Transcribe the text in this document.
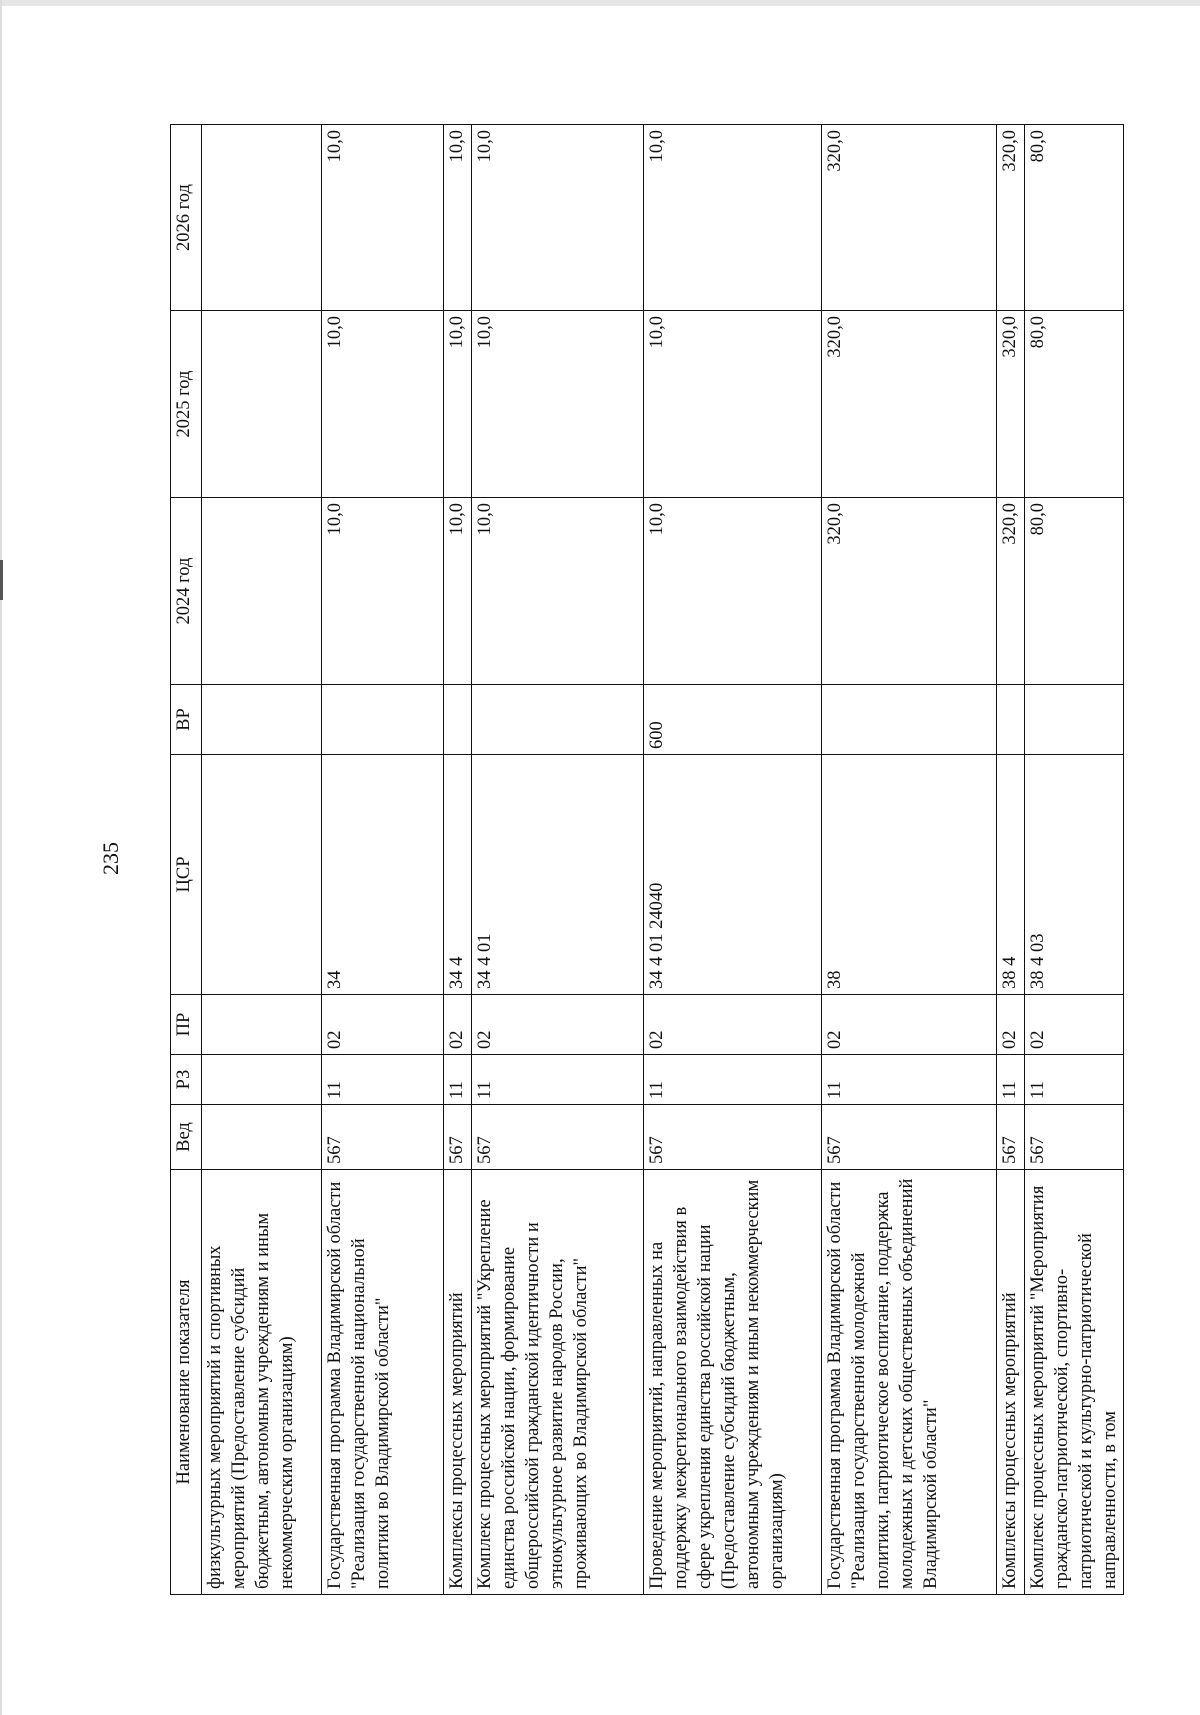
235
Наименование показателя	Вед	РЗ	ПР	ЦСР	ВР	2024 год	2025 год	2026 год
физкультурных мероприятий и спортивных мероприятий (Предоставление субсидий бюджетным, автономным учреждениям и иным некоммерческим организациям)								
Государственная программа Владимирской области "Реализация государственной национальной политики во Владимирской области"	567	11	02	34		10,0	10,0	10,0
Комплексы процессных мероприятий	567	11	02	34 4		10,0	10,0	10,0
Комплекс процессных мероприятий "Укрепление единства российской нации, формирование общероссийской гражданской идентичности и этнокультурное развитие народов России, проживающих во Владимирской области"	567	11	02	34 4 01		10,0	10,0	10,0
Проведение мероприятий, направленных на поддержку межрегионального взаимодействия в сфере укрепления единства российской нации (Предоставление субсидий бюджетным, автономным учреждениям и иным некоммерческим организациям)	567	11	02	34 4 01 24040	600	10,0	10,0	10,0
Государственная программа Владимирской области "Реализация государственной молодежной политики, патриотическое воспитание, поддержка молодежных и детских общественных объединений Владимирской области"	567	11	02	38		320,0	320,0	320,0
Комплексы процессных мероприятий	567	11	02	38 4		320,0	320,0	320,0
Комплекс процессных мероприятий "Мероприятия гражданско-патриотической, спортивно-патриотической и культурно-патриотической направленности, в том	567	11	02	38 4 03		80,0	80,0	80,0
